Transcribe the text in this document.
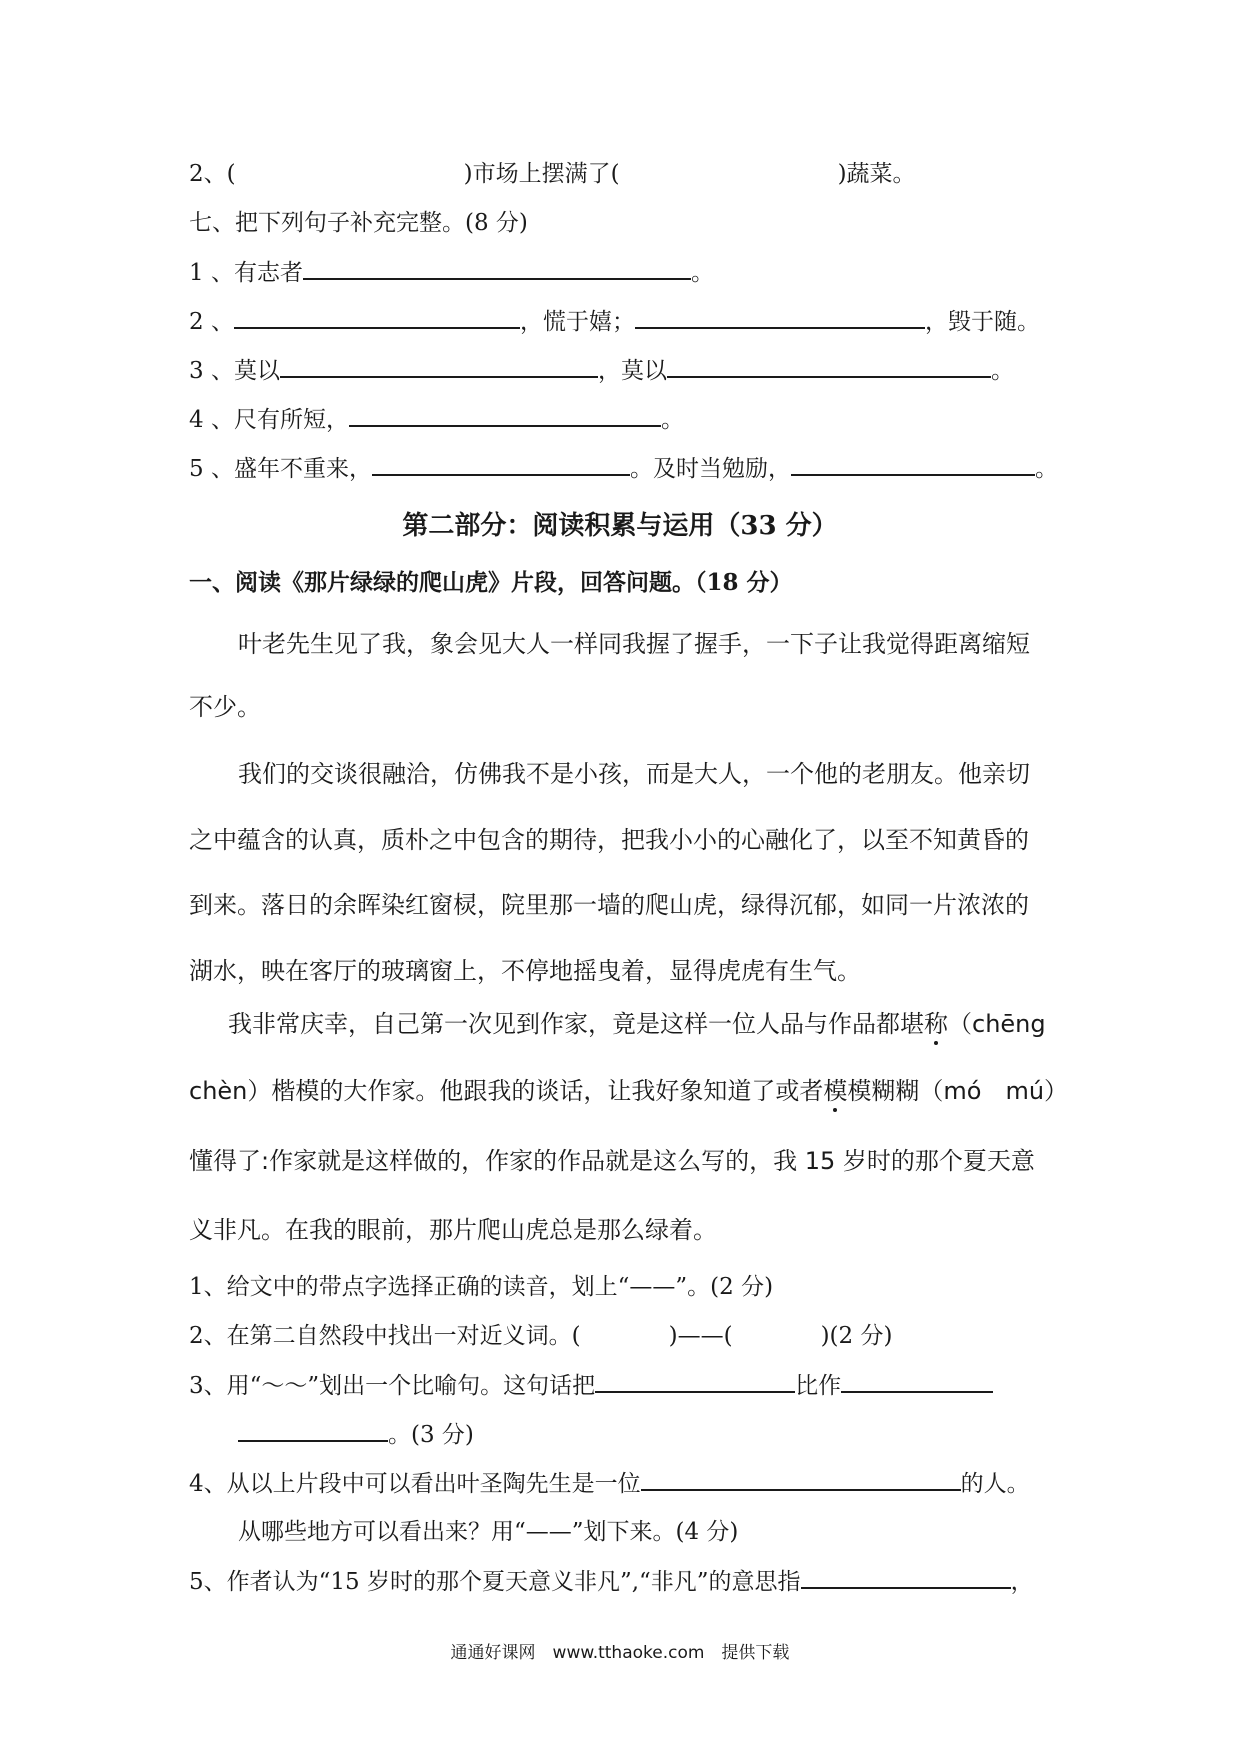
2、(	)市场上摆满了(	)蔬菜。
七、把下列句子补充完整。(8 分)
1 、有志者	。
2 、	，慌于嬉；	，毁于随。
3 、莫以	，莫以	。
4 、尺有所短，	。
5 、盛年不重来，	。及时当勉励，	。
第二部分：阅读积累与运用（33 分）
一、阅读《那片绿绿的爬山虎》片段，回答问题。（18 分）
叶老先生见了我，象会见大人一样同我握了握手，一下子让我觉得距离缩短
不少。
我们的交谈很融洽，仿佛我不是小孩，而是大人，一个他的老朋友。他亲切
之中蕴含的认真，质朴之中包含的期待，把我小小的心融化了，以至不知黄昏的
到来。落日的余晖染红窗棂，院里那一墙的爬山虎，绿得沉郁，如同一片浓浓的
湖水，映在客厅的玻璃窗上，不停地摇曳着，显得虎虎有生气。
我非常庆幸，自己第一次见到作家，竟是这样一位人品与作品都堪称（chēng
chèn）楷模的大作家。他跟我的谈话，让我好象知道了或者模模糊糊（mó　mú）
懂得了:作家就是这样做的，作家的作品就是这么写的，我 15 岁时的那个夏天意
义非凡。在我的眼前，那片爬山虎总是那么绿着。
1、给文中的带点字选择正确的读音，划上“——”。(2 分)
2、在第二自然段中找出一对近义词。(	)——(	)(2 分)
3、用“～～”划出一个比喻句。这句话把	比作
。(3 分)
4、从以上片段中可以看出叶圣陶先生是一位	的人。
从哪些地方可以看出来？用“——”划下来。(4 分)
5、作者认为“15 岁时的那个夏天意义非凡”,“非凡”的意思指	，
通通好课网　www.tthaoke.com　提供下载
